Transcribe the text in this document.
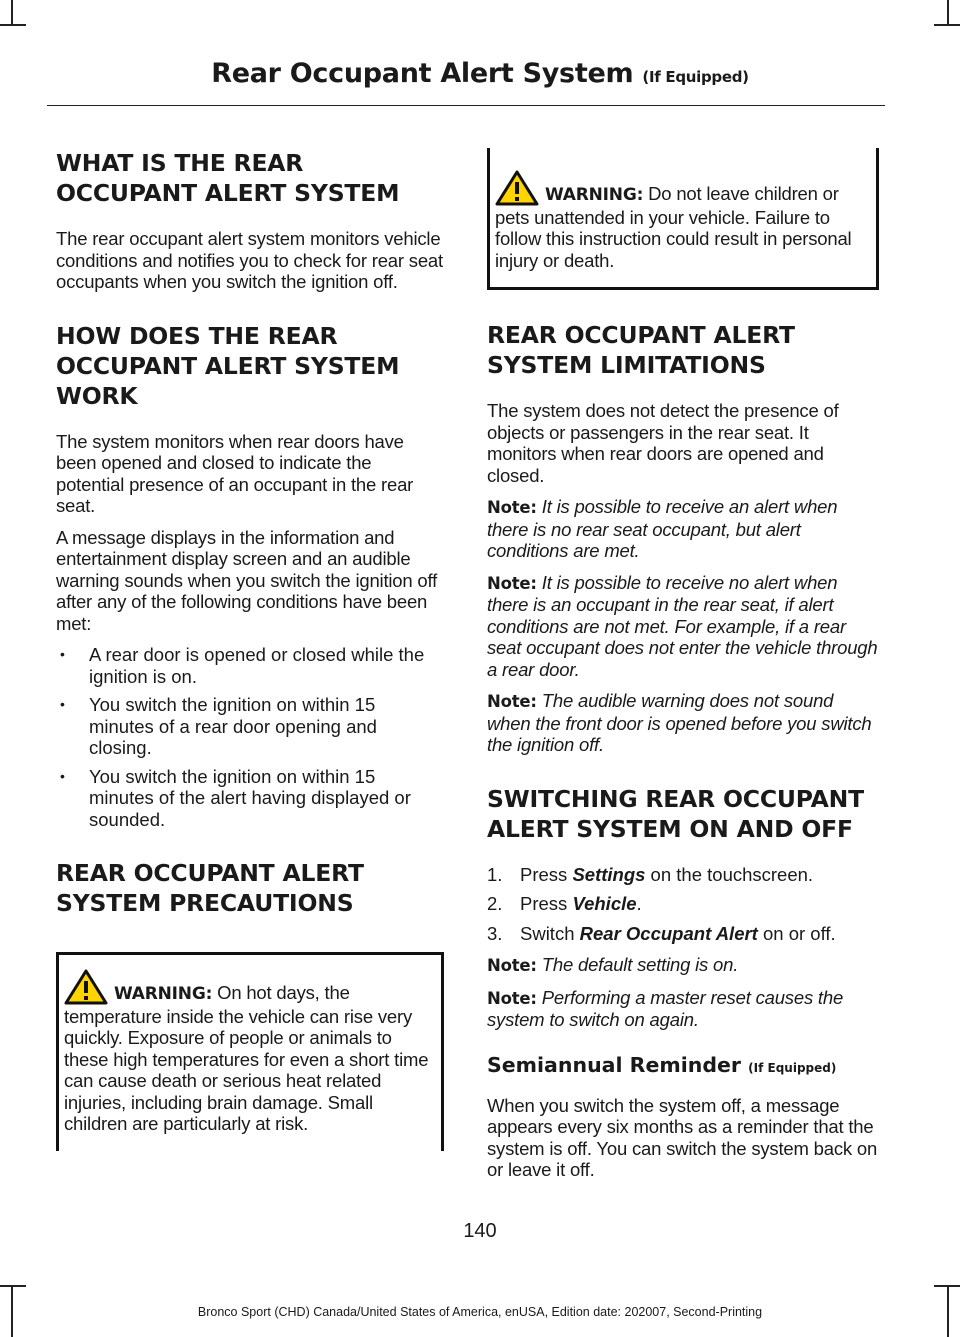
Rear Occupant Alert System (If Equipped)
WHAT IS THE REAR OCCUPANT ALERT SYSTEM

The rear occupant alert system monitors vehicle conditions and notifies you to check for rear seat occupants when you switch the ignition off.

HOW DOES THE REAR OCCUPANT ALERT SYSTEM WORK

The system monitors when rear doors have been opened and closed to indicate the potential presence of an occupant in the rear seat.

A message displays in the information and entertainment display screen and an audible warning sounds when you switch the ignition off after any of the following conditions have been met:

• A rear door is opened or closed while the ignition is on.
• You switch the ignition on within 15 minutes of a rear door opening and closing.
• You switch the ignition on within 15 minutes of the alert having displayed or sounded.
REAR OCCUPANT ALERT SYSTEM PRECAUTIONS

WARNING: On hot days, the temperature inside the vehicle can rise very quickly. Exposure of people or animals to these high temperatures for even a short time can cause death or serious heat related injuries, including brain damage. Small children are particularly at risk.

WARNING: Do not leave children or pets unattended in your vehicle. Failure to follow this instruction could result in personal injury or death.

REAR OCCUPANT ALERT SYSTEM LIMITATIONS

The system does not detect the presence of objects or passengers in the rear seat. It monitors when rear doors are opened and closed.

Note: It is possible to receive an alert when there is no rear seat occupant, but alert conditions are met.

Note: It is possible to receive no alert when there is an occupant in the rear seat, if alert conditions are not met. For example, if a rear seat occupant does not enter the vehicle through a rear door.

Note: The audible warning does not sound when the front door is opened before you switch the ignition off.

SWITCHING REAR OCCUPANT ALERT SYSTEM ON AND OFF
1. Press Settings on the touchscreen.
2. Press Vehicle.
3. Switch Rear Occupant Alert on or off.

Note: The default setting is on.

Note: Performing a master reset causes the system to switch on again.

Semiannual Reminder (If Equipped)

When you switch the system off, a message appears every six months as a reminder that the system is off. You can switch the system back on or leave it off.

140
Bronco Sport (CHD) Canada/United States of America, enUSA, Edition date: 202007, Second-Printing
